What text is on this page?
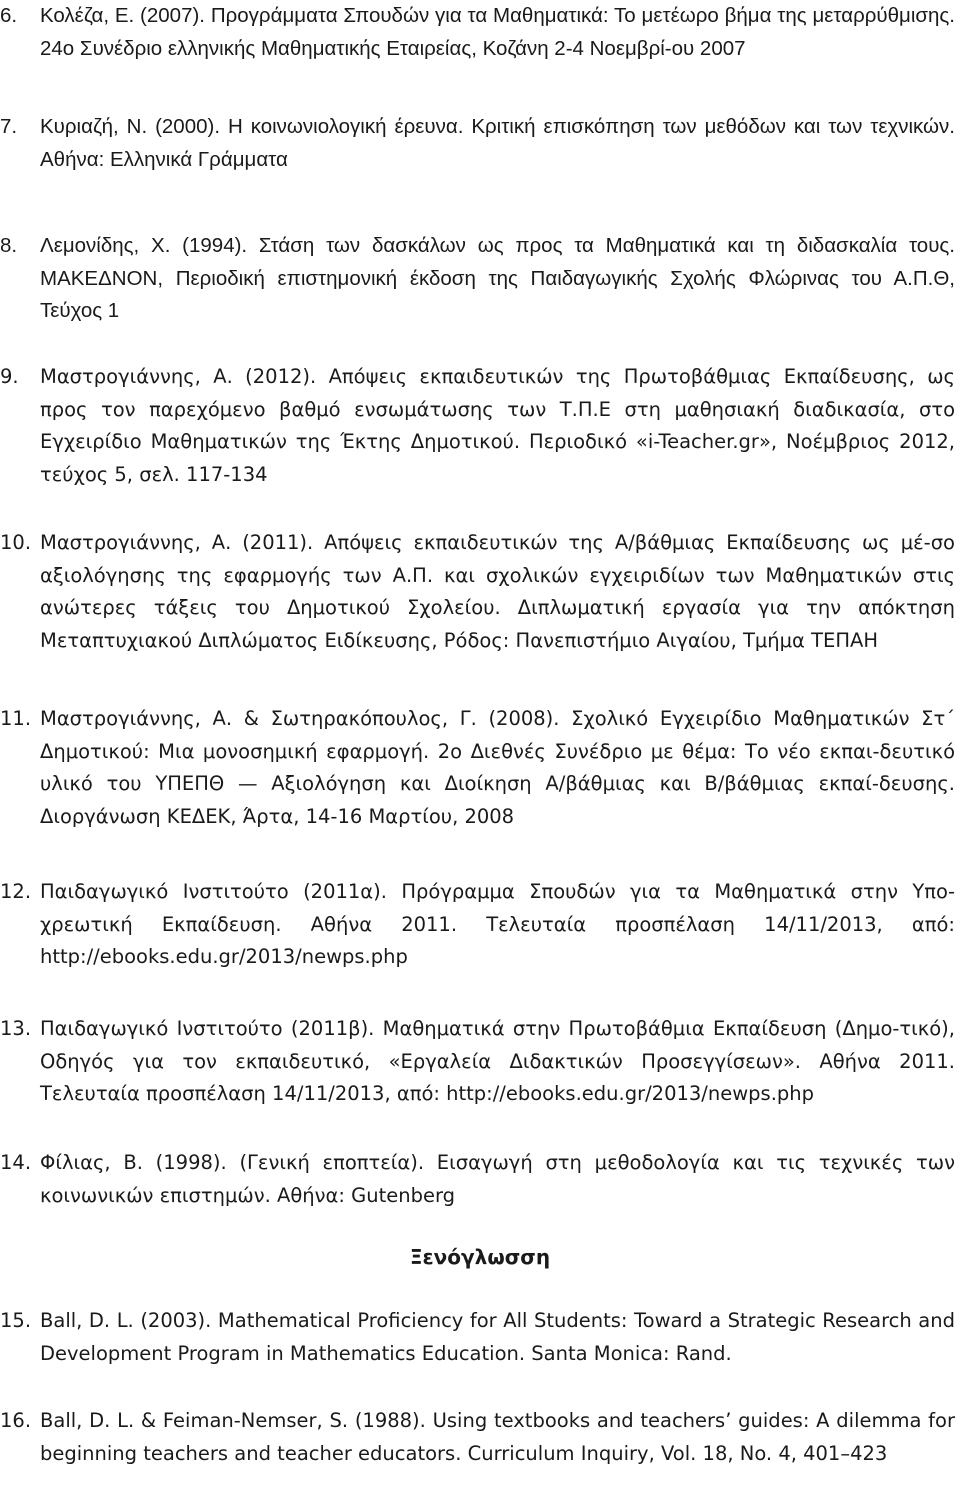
6.	Κολέζα, Ε. (2007). Προγράμματα Σπουδών για τα Μαθηματικά: Το μετέωρο βήμα της μεταρρύθμισης. 24ο Συνέδριο ελληνικής Μαθηματικής Εταιρείας, Κοζάνη 2-4 Νοεμβρί-ου 2007
7.	Κυριαζή, Ν. (2000). Η κοινωνιολογική έρευνα. Κριτική επισκόπηση των μεθόδων και των τεχνικών. Αθήνα: Ελληνικά Γράμματα
8.	Λεμονίδης, Χ. (1994). Στάση των δασκάλων ως προς τα Μαθηματικά και τη διδασκαλία τους. ΜΑΚΕΔΝΟΝ, Περιοδική επιστημονική έκδοση της Παιδαγωγικής Σχολής Φλώρινας του Α.Π.Θ, Τεύχος 1
9.	Μαστρογιάννης, Α. (2012). Απόψεις εκπαιδευτικών της Πρωτοβάθμιας Εκπαίδευσης, ως προς τον παρεχόμενο βαθμό ενσωμάτωσης των Τ.Π.Ε στη μαθησιακή διαδικασία, στο Εγχειρίδιο Μαθηματικών της Έκτης Δημοτικού. Περιοδικό «i-Teacher.gr», Νοέμβριος 2012, τεύχος 5, σελ. 117-134
10. Μαστρογιάννης, Α. (2011). Απόψεις εκπαιδευτικών της Α/βάθμιας Εκπαίδευσης ως μέ-σο αξιολόγησης της εφαρμογής των Α.Π. και σχολικών εγχειριδίων των Μαθηματικών στις ανώτερες τάξεις του Δημοτικού Σχολείου. Διπλωματική εργασία για την απόκτηση Μεταπτυχιακού Διπλώματος Ειδίκευσης, Ρόδος: Πανεπιστήμιο Αιγαίου, Τμήμα ΤΕΠΑΗ
11. Μαστρογιάννης, Α. & Σωτηρακόπουλος, Γ. (2008). Σχολικό Εγχειρίδιο Μαθηματικών Στ΄ Δημοτικού: Μια μονοσημική εφαρμογή. 2ο Διεθνές Συνέδριο με θέμα: Το νέο εκπαι-δευτικό υλικό του ΥΠΕΠΘ — Αξιολόγηση και Διοίκηση Α/βάθμιας και Β/βάθμιας εκπαί-δευσης. Διοργάνωση ΚΕΔΕΚ, Άρτα, 14-16 Μαρτίου, 2008
12. Παιδαγωγικό Ινστιτούτο (2011α). Πρόγραμμα Σπουδών για τα Μαθηματικά στην Υπο-χρεωτική Εκπαίδευση. Αθήνα 2011. Τελευταία προσπέλαση 14/11/2013, από: http://ebooks.edu.gr/2013/newps.php
13. Παιδαγωγικό Ινστιτούτο (2011β). Μαθηματικά στην Πρωτοβάθμια Εκπαίδευση (Δημο-τικό), Οδηγός για τον εκπαιδευτικό, «Εργαλεία Διδακτικών Προσεγγίσεων». Αθήνα 2011. Τελευταία προσπέλαση 14/11/2013, από: http://ebooks.edu.gr/2013/newps.php
14. Φίλιας, Β. (1998). (Γενική εποπτεία). Εισαγωγή στη μεθοδολογία και τις τεχνικές των κοινωνικών επιστημών. Αθήνα: Gutenberg
Ξενόγλωσση
15. Ball, D. L. (2003). Mathematical Proficiency for All Students: Toward a Strategic Research and Development Program in Mathematics Education. Santa Monica: Rand.
16. Ball, D. L. & Feiman-Nemser, S. (1988). Using textbooks and teachers’ guides: A dilemma for beginning teachers and teacher educators. Curriculum Inquiry, Vol. 18, No. 4, 401–423
